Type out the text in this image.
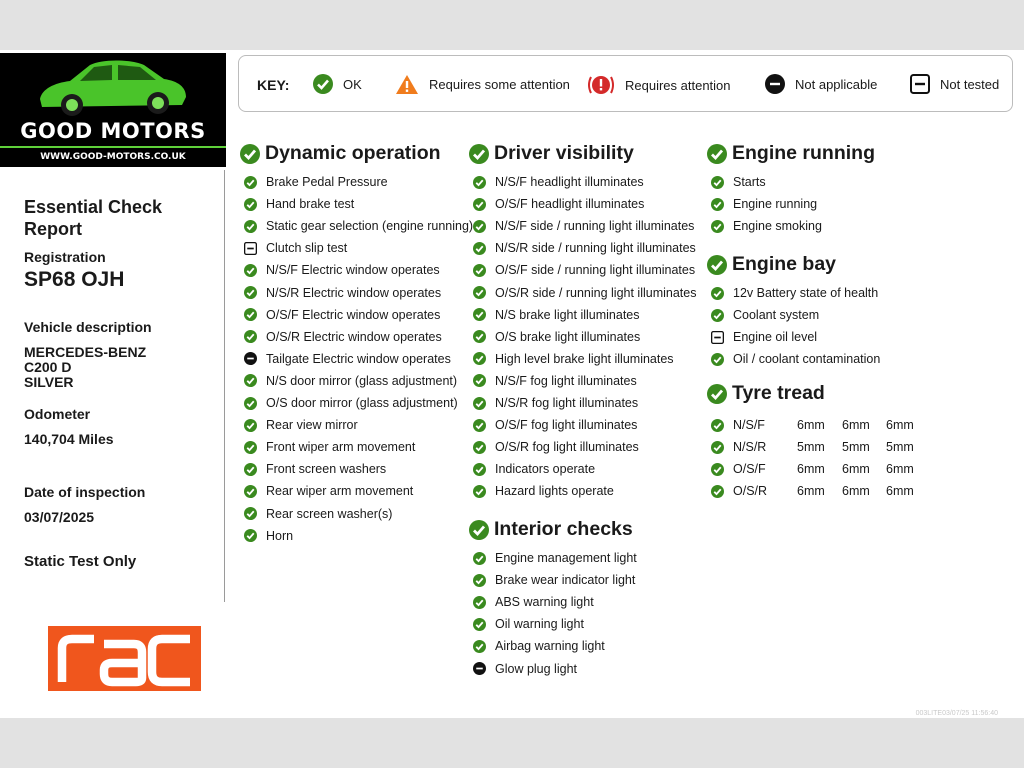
GOOD MOTORS
WWW.GOOD-MOTORS.CO.UK
Essential Check Report
Registration
SP68 OJH
Vehicle description
MERCEDES-BENZ
C200 D
SILVER
Odometer
140,704 Miles
Date of inspection
03/07/2025
Static Test Only
KEY:	OK	Requires some attention	Requires attention	Not applicable	Not tested
Dynamic operation
Brake Pedal Pressure
Hand brake test
Static gear selection (engine running)
Clutch slip test
N/S/F Electric window operates
N/S/R Electric window operates
O/S/F Electric window operates
O/S/R Electric window operates
Tailgate Electric window operates
N/S door mirror (glass adjustment)
O/S door mirror (glass adjustment)
Rear view mirror
Front wiper arm movement
Front screen washers
Rear wiper arm movement
Rear screen washer(s)
Horn
Driver visibility
N/S/F headlight illuminates
O/S/F headlight illuminates
N/S/F side / running light illuminates
N/S/R side / running light illuminates
O/S/F side / running light illuminates
O/S/R side / running light illuminates
N/S brake light illuminates
O/S brake light illuminates
High level brake light illuminates
N/S/F fog light illuminates
N/S/R fog light illuminates
O/S/F fog light illuminates
O/S/R fog light illuminates
Indicators operate
Hazard lights operate
Interior checks
Engine management light
Brake wear indicator light
ABS warning light
Oil warning light
Airbag warning light
Glow plug light
Engine running
Starts
Engine running
Engine smoking
Engine bay
12v Battery state of health
Coolant system
Engine oil level
Oil / coolant contamination
Tyre tread
N/S/F	6mm 6mm 6mm
N/S/R 5mm 5mm 5mm
O/S/F	6mm 6mm 6mm
O/S/R 6mm 6mm 6mm
003LITE03/07/25 11:56:40
